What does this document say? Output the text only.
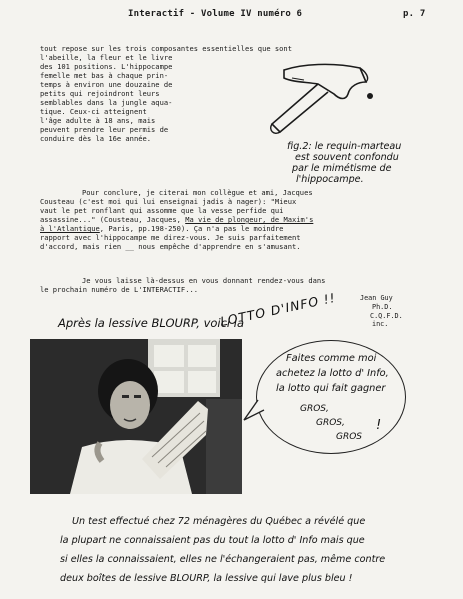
Interactif - Volume IV numéro 6	p. 7
tout repose sur les trois composantes essentielles que sont
l'abeille, la fleur et le livre
des 101 positions. L'hippocampe
femelle met bas à chaque prin-
temps à environ une douzaine de
petits qui rejoindront leurs
semblables dans la jungle aqua-
tique. Ceux-ci atteignent
l'âge adulte à 18 ans, mais
peuvent prendre leur permis de
conduire dès la 16e année.
fig.2: le requin-marteau
est souvent confondu
par le mimétisme de
l'hippocampe.
Pour conclure, je citerai mon collègue et ami, Jacques
Cousteau (c'est moi qui lui enseignai jadis à nager): "Mieux
vaut le pet ronflant qui assomme que la vesse perfide qui
assassine..." (Cousteau, Jacques, Ma vie de plongeur, de Maxim's
à l'Atlantique, Paris, pp.198-250). Ça n'a pas le moindre
rapport avec l'hippocampe me direz-vous. Je suis parfaitement
d'accord, mais rien __ nous empêche d'apprendre en s'amusant.
Je vous laisse là-dessus en vous donnant rendez-vous dans
le prochain numéro de L'INTERACTIF...
Jean Guy
Ph.D.
C.Q.F.D.
inc.
Après la lessive BLOURP, voici la
LOTTO D'INFO !!
Faites comme moi
achetez la lotto d' Info,
la lotto qui fait gagner
GROS,
GROS,
GROS
!
Un test effectué chez 72 ménagères du Québec a révélé que
la plupart ne connaissaient pas du tout la lotto d' Info mais que
si elles la connaissaient, elles ne l'échangeraient pas, même contre
deux boîtes de lessive BLOURP, la lessive qui lave plus bleu !
